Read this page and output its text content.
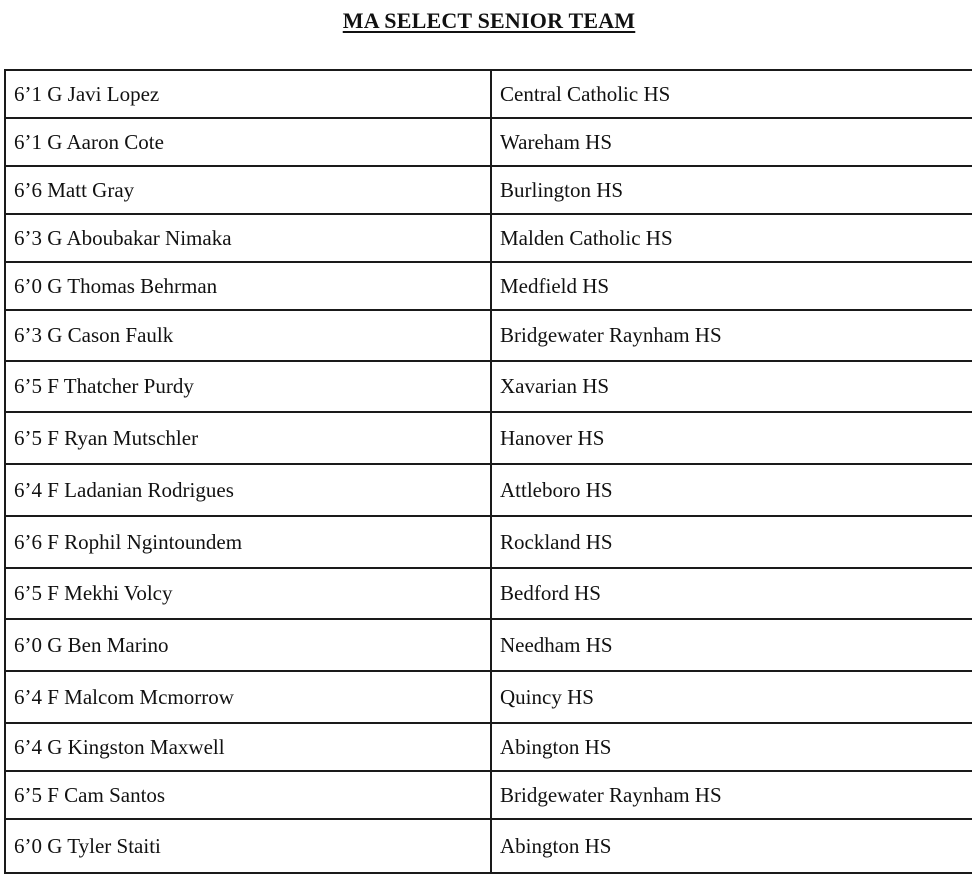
MA SELECT SENIOR TEAM
6’1 G Javi Lopez	Central Catholic HS
6’1 G Aaron Cote	Wareham HS
6’6 Matt Gray	Burlington HS
6’3 G Aboubakar Nimaka	Malden Catholic HS
6’0 G Thomas Behrman	Medfield HS
6’3 G Cason Faulk	Bridgewater Raynham HS
6’5 F Thatcher Purdy	Xavarian HS
6’5 F Ryan Mutschler	Hanover HS
6’4 F Ladanian Rodrigues	Attleboro HS
6’6 F Rophil Ngintoundem	Rockland HS
6’5 F Mekhi Volcy	Bedford HS
6’0 G Ben Marino	Needham HS
6’4 F Malcom Mcmorrow	Quincy HS
6’4 G Kingston Maxwell	Abington HS
6’5 F Cam Santos	Bridgewater Raynham HS
6’0 G Tyler Staiti	Abington HS
